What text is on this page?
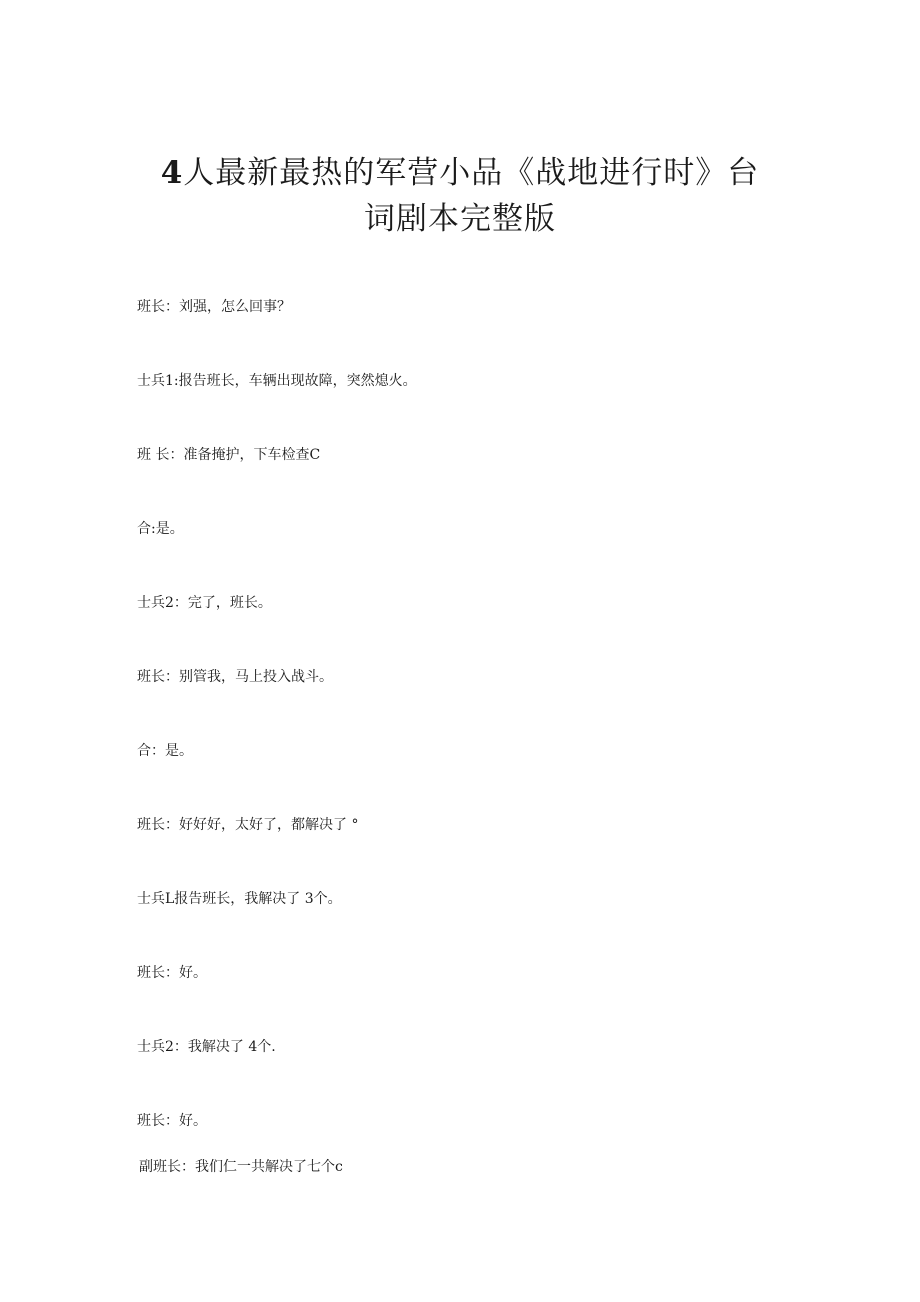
4人最新最热的军营小品《战地进行时》台
词剧本完整版

班长：刘强，怎么回事？

士兵1:报告班长，车辆出现故障，突然熄火。

班 长：准备掩护，下车检查C

合:是。

士兵2：完了，班长。

班长：别管我，马上投入战斗。

合：是。

班长：好好好，太好了，都解决了 °

士兵L报告班长，我解决了 3个。

班长：好。

士兵2：我解决了 4个.

班长：好。

副班长：我们仁一共解决了七个c
